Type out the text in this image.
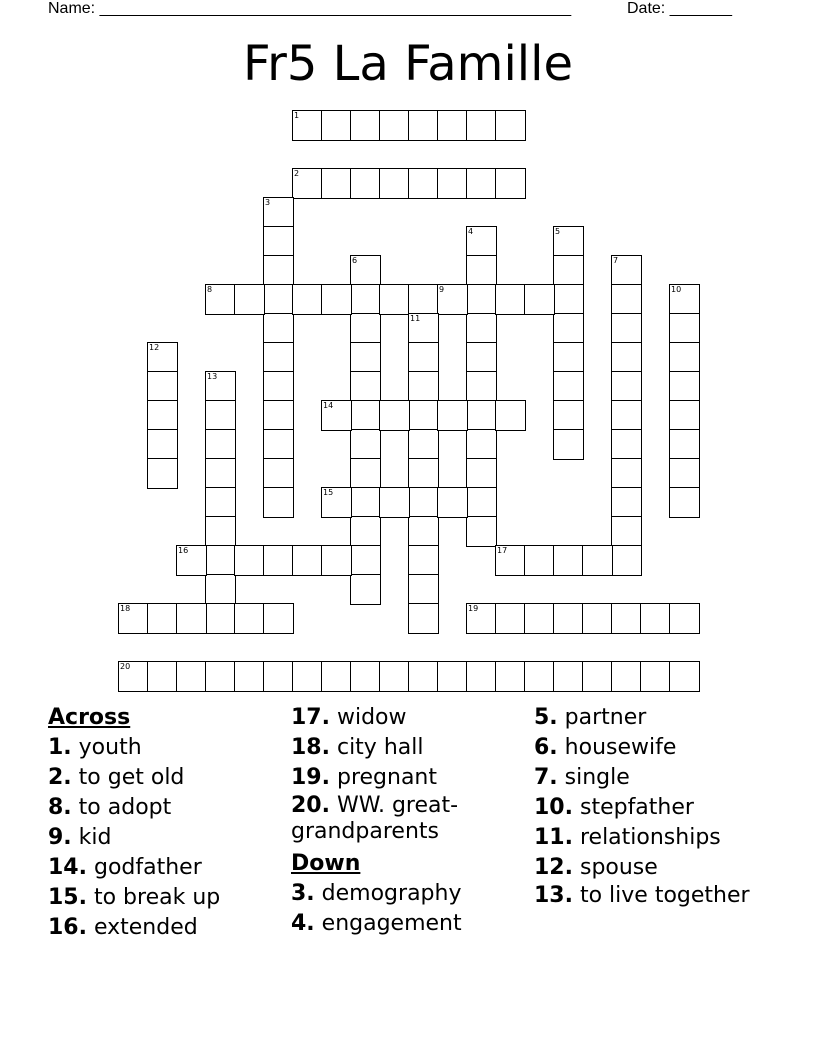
Name: _____________________________________________________	Date: _______
Fr5 La Famille
1
2
3
4	5
6	7
8	9	10
11
12
13
14
15
16	17
18	19
20
Across
1. youth
2. to get old
8. to adopt
9. kid
14. godfather
15. to break up
16. extended
17. widow
18. city hall
19. pregnant
20. WW. great-grandparents
Down
3. demography
4. engagement
5. partner
6. housewife
7. single
10. stepfather
11. relationships
12. spouse
13. to live together
